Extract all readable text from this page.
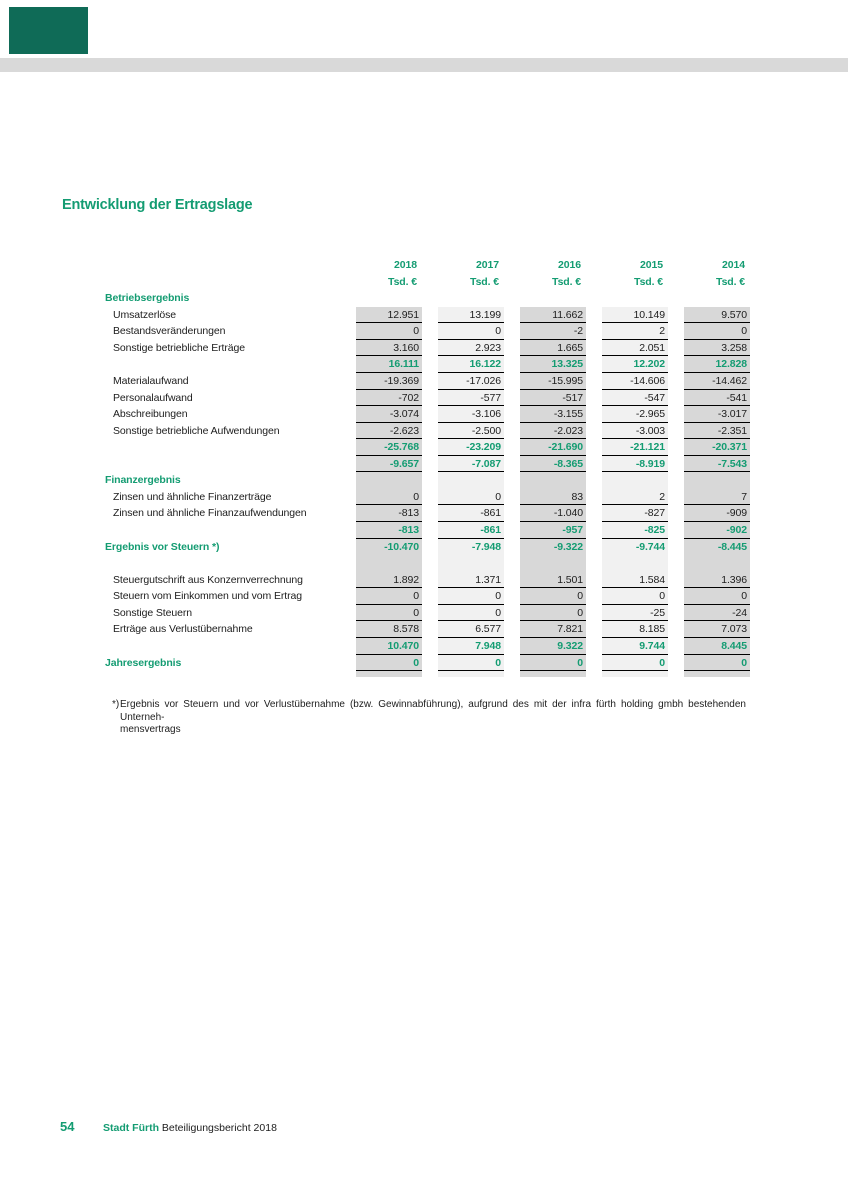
Entwicklung der Ertragslage
2018	2017	2016	2015	2014
Tsd. €	Tsd. €	Tsd. €	Tsd. €	Tsd. €
Betriebsergebnis
Umsatzerlöse	12.951	13.199	11.662	10.149	9.570
Bestandsveränderungen	0	0	-2	2	0
Sonstige betriebliche Erträge	3.160	2.923	1.665	2.051	3.258
16.111	16.122	13.325	12.202	12.828
Materialaufwand	-19.369	-17.026	-15.995	-14.606	-14.462
Personalaufwand	-702	-577	-517	-547	-541
Abschreibungen	-3.074	-3.106	-3.155	-2.965	-3.017
Sonstige betriebliche Aufwendungen	-2.623	-2.500	-2.023	-3.003	-2.351
-25.768	-23.209	-21.690	-21.121	-20.371
-9.657	-7.087	-8.365	-8.919	-7.543
Finanzergebnis
Zinsen und ähnliche Finanzerträge	0	0	83	2	7
Zinsen und ähnliche Finanzaufwendungen	-813	-861	-1.040	-827	-909
-813	-861	-957	-825	-902
Ergebnis vor Steuern *)	-10.470	-7.948	-9.322	-9.744	-8.445
Steuergutschrift aus Konzernverrechnung	1.892	1.371	1.501	1.584	1.396
Steuern vom Einkommen und vom Ertrag	0	0	0	0	0
Sonstige Steuern	0	0	0	-25	-24
Erträge aus Verlustübernahme	8.578	6.577	7.821	8.185	7.073
10.470	7.948	9.322	9.744	8.445
Jahresergebnis	0	0	0	0	0
*) Ergebnis vor Steuern und vor Verlustübernahme (bzw. Gewinnabführung), aufgrund des mit der infra fürth holding gmbh bestehenden Unterneh-
mensvertrags
54	Stadt Fürth Beteiligungsbericht 2018
